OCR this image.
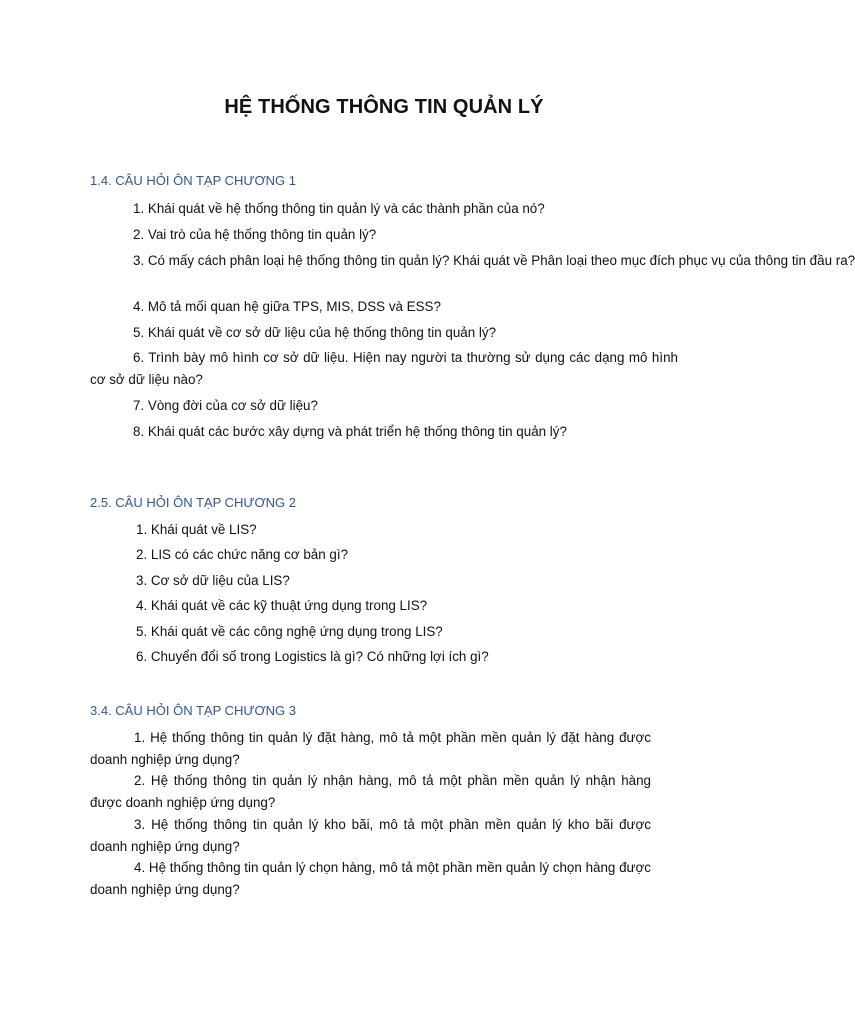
HỆ THỐNG THÔNG TIN QUẢN LÝ
1.4. CÂU HỎI ÔN TẠP CHƯƠNG 1
1. Khái quát về hệ thống thông tin quản lý và các thành phần của nó?
2. Vai trò của hệ thống thông tin quản lý?
3. Có mấy cách phân loại hệ thống thông tin quản lý? Khái quát về Phân loại theo mục đích phục vụ của thông tin đầu ra?
4. Mô tả mối quan hệ giữa TPS, MIS, DSS và ESS?
5. Khái quát về cơ sở dữ liệu của hệ thống thông tin quản lý?
6. Trình bày mô hình cơ sở dữ liệu. Hiện nay người ta thường sử dụng các dạng mô hình cơ sở dữ liệu nào?
7. Vòng đời của cơ sở dữ liệu?
8. Khái quát các bước xây dựng và phát triển hệ thống thông tin quản lý?
2.5. CÂU HỎI ÔN TẠP CHƯƠNG 2
1. Khái quát về LIS?
2. LIS có các chức năng cơ bản gì?
3. Cơ sở dữ liệu của LIS?
4. Khái quát về các kỹ thuật ứng dụng trong LIS?
5. Khái quát về các công nghệ ứng dụng trong LIS?
6. Chuyển đổi số trong Logistics là gì? Có những lợi ích gì?
3.4. CÂU HỎI ÔN TẠP CHƯƠNG 3
1. Hệ thống thông tin quản lý đặt hàng, mô tả một phần mền quản lý đặt hàng được doanh nghiệp ứng dụng?
2. Hệ thống thông tin quản lý nhận hàng, mô tả một phần mền quản lý nhận hàng được doanh nghiệp ứng dụng?
3. Hệ thống thông tin quản lý kho bãi, mô tả một phần mền quản lý kho bãi được doanh nghiệp ứng dụng?
4. Hệ thống thông tin quản lý chọn hàng, mô tả một phần mền quản lý chọn hàng được doanh nghiệp ứng dụng?
